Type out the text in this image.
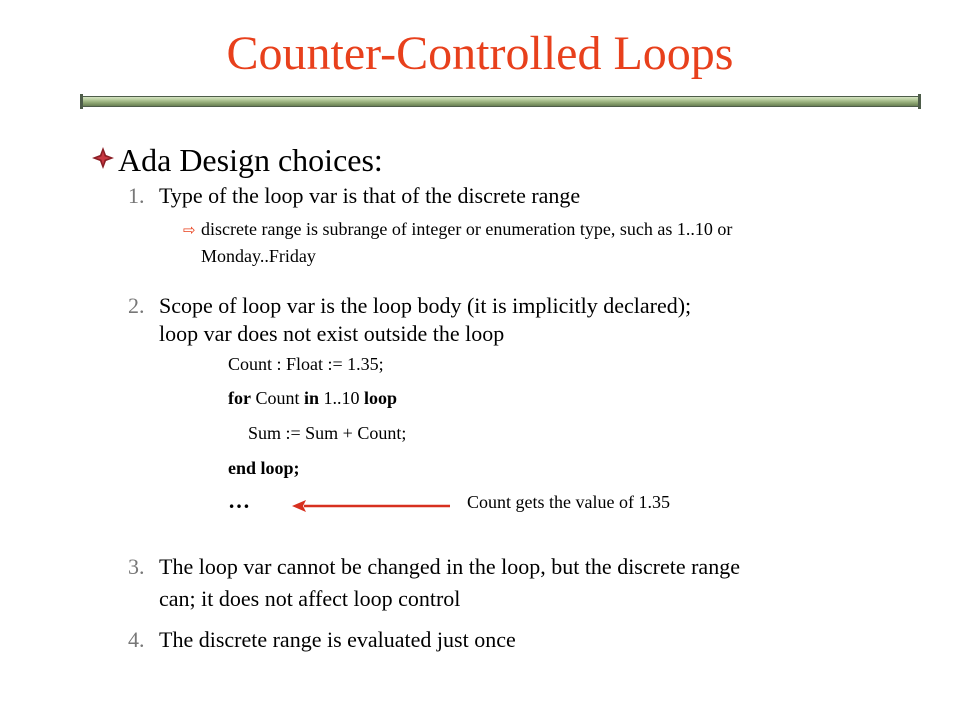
Counter-Controlled Loops
Ada Design choices:
1. Type of the loop var is that of the discrete range
⇨ discrete range is subrange of integer or enumeration type, such as 1..10 or
Monday..Friday
2. Scope of loop var is the loop body (it is implicitly declared);
loop var does not exist outside the loop
Count : Float := 1.35;
for Count in 1..10 loop
Sum := Sum + Count;
end loop;
…	Count gets the value of 1.35
3. The loop var cannot be changed in the loop, but the discrete range
can; it does not affect loop control
4. The discrete range is evaluated just once
